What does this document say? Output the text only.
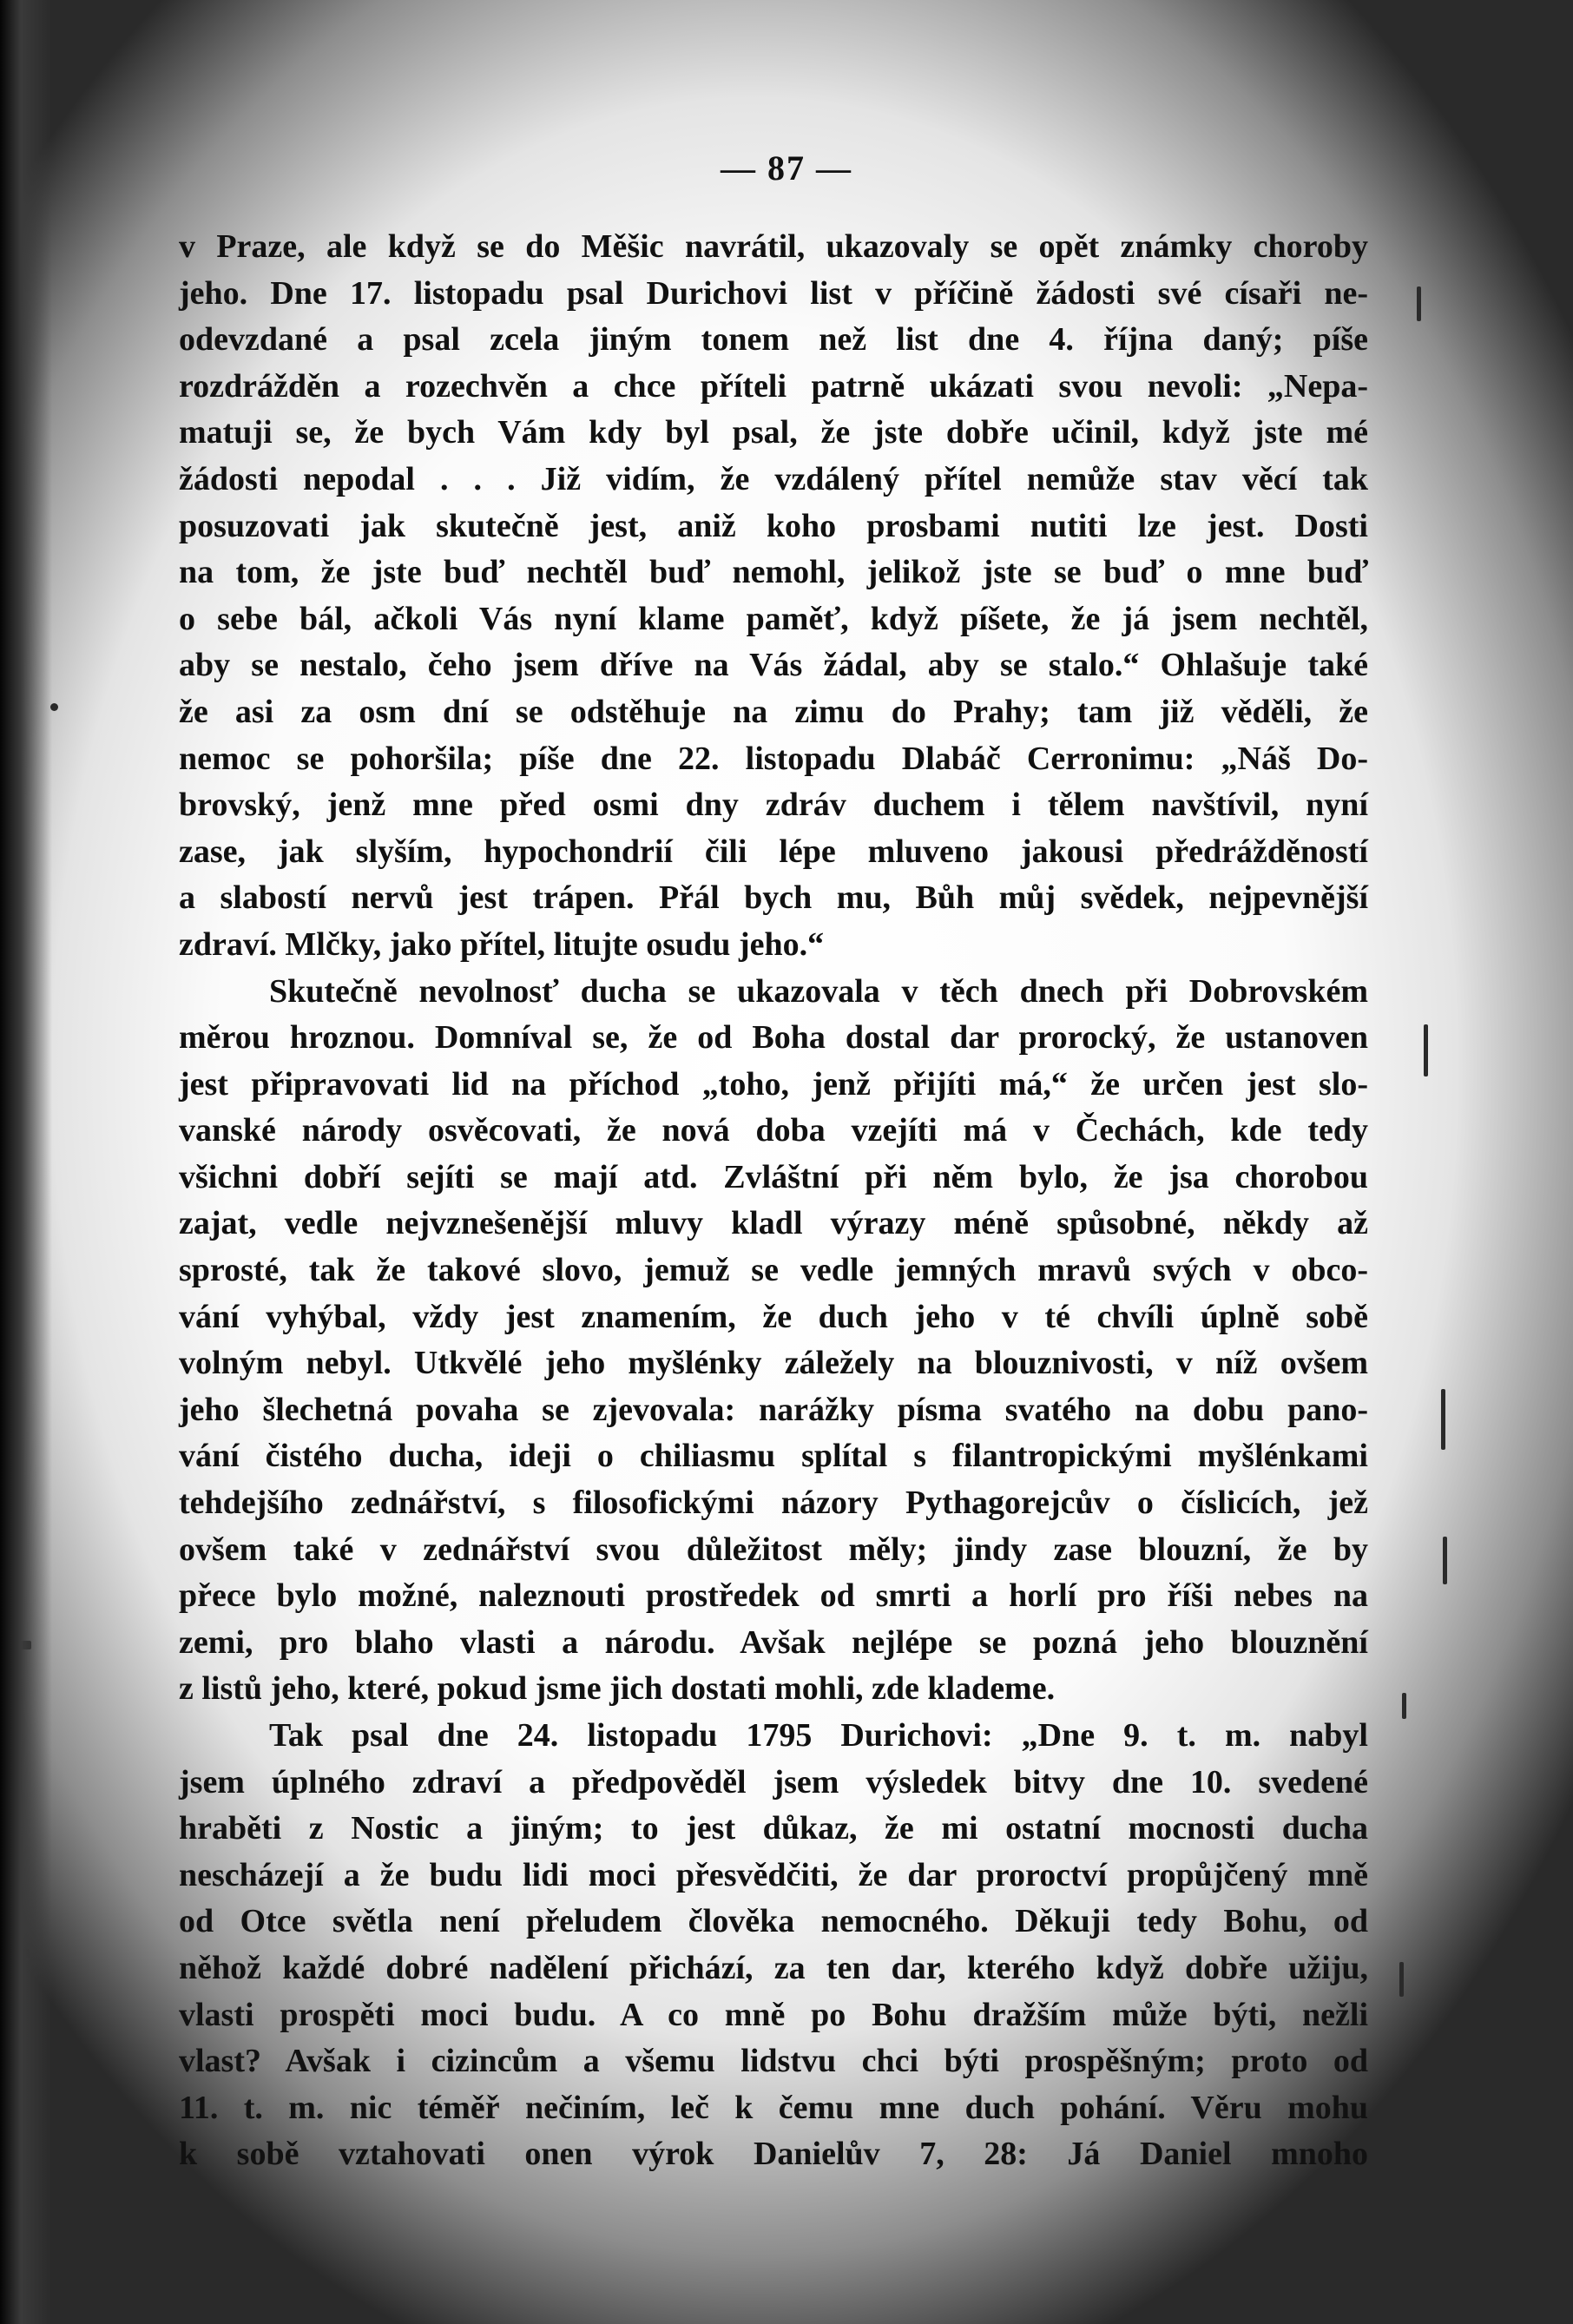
— 87 —
v Praze, ale když se do Měšic navrátil, ukazovaly se opět známky choroby
jeho. Dne 17. listopadu psal Durichovi list v příčině žádosti své císaři ne-
odevzdané a psal zcela jiným tonem než list dne 4. října daný; píše
rozdrážděn a rozechvěn a chce příteli patrně ukázati svou nevoli: „Nepa-
matuji se, že bych Vám kdy byl psal, že jste dobře učinil, když jste mé
žádosti nepodal . . . Již vidím, že vzdálený přítel nemůže stav věcí tak
posuzovati jak skutečně jest, aniž koho prosbami nutiti lze jest. Dosti
na tom, že jste buď nechtěl buď nemohl, jelikož jste se buď o mne buď
o sebe bál, ačkoli Vás nyní klame paměť, když píšete, že já jsem nechtěl,
aby se nestalo, čeho jsem dříve na Vás žádal, aby se stalo.“ Ohlašuje také
že asi za osm dní se odstěhuje na zimu do Prahy; tam již věděli, že
nemoc se pohoršila; píše dne 22. listopadu Dlabáč Cerronimu: „Náš Do-
brovský, jenž mne před osmi dny zdráv duchem i tělem navštívil, nyní
zase, jak slyším, hypochondrií čili lépe mluveno jakousi předrážděností
a slabostí nervů jest trápen. Přál bych mu, Bůh můj svědek, nejpevnější
zdraví. Mlčky, jako přítel, litujte osudu jeho.“
Skutečně nevolnosť ducha se ukazovala v těch dnech při Dobrovském
měrou hroznou. Domníval se, že od Boha dostal dar prorocký, že ustanoven
jest připravovati lid na příchod „toho, jenž přijíti má,“ že určen jest slo-
vanské národy osvěcovati, že nová doba vzejíti má v Čechách, kde tedy
všichni dobří sejíti se mají atd. Zvláštní při něm bylo, že jsa chorobou
zajat, vedle nejvznešenější mluvy kladl výrazy méně spůsobné, někdy až
sprosté, tak že takové slovo, jemuž se vedle jemných mravů svých v obco-
vání vyhýbal, vždy jest znamením, že duch jeho v té chvíli úplně sobě
volným nebyl. Utkvělé jeho myšlénky záležely na blouznivosti, v níž ovšem
jeho šlechetná povaha se zjevovala: narážky písma svatého na dobu pano-
vání čistého ducha, ideji o chiliasmu splítal s filantropickými myšlénkami
tehdejšího zednářství, s filosofickými názory Pythagorejcův o číslicích, jež
ovšem také v zednářství svou důležitost měly; jindy zase blouzní, že by
přece bylo možné, naleznouti prostředek od smrti a horlí pro říši nebes na
zemi, pro blaho vlasti a národu. Avšak nejlépe se pozná jeho blouznění
z listů jeho, které, pokud jsme jich dostati mohli, zde klademe.
Tak psal dne 24. listopadu 1795 Durichovi: „Dne 9. t. m. nabyl
jsem úplného zdraví a předpověděl jsem výsledek bitvy dne 10. svedené
hraběti z Nostic a jiným; to jest důkaz, že mi ostatní mocnosti ducha
nescházejí a že budu lidi moci přesvědčiti, že dar proroctví propůjčený mně
od Otce světla není přeludem člověka nemocného. Děkuji tedy Bohu, od
něhož každé dobré nadělení přichází, za ten dar, kterého když dobře užiju,
vlasti prospěti moci budu. A co mně po Bohu dražším může býti, nežli
vlast? Avšak i cizincům a všemu lidstvu chci býti prospěšným; proto od
11. t. m. nic téměř nečiním, leč k čemu mne duch pohání. Věru mohu
k sobě vztahovati onen výrok Danielův 7, 28: Já Daniel mnoho
